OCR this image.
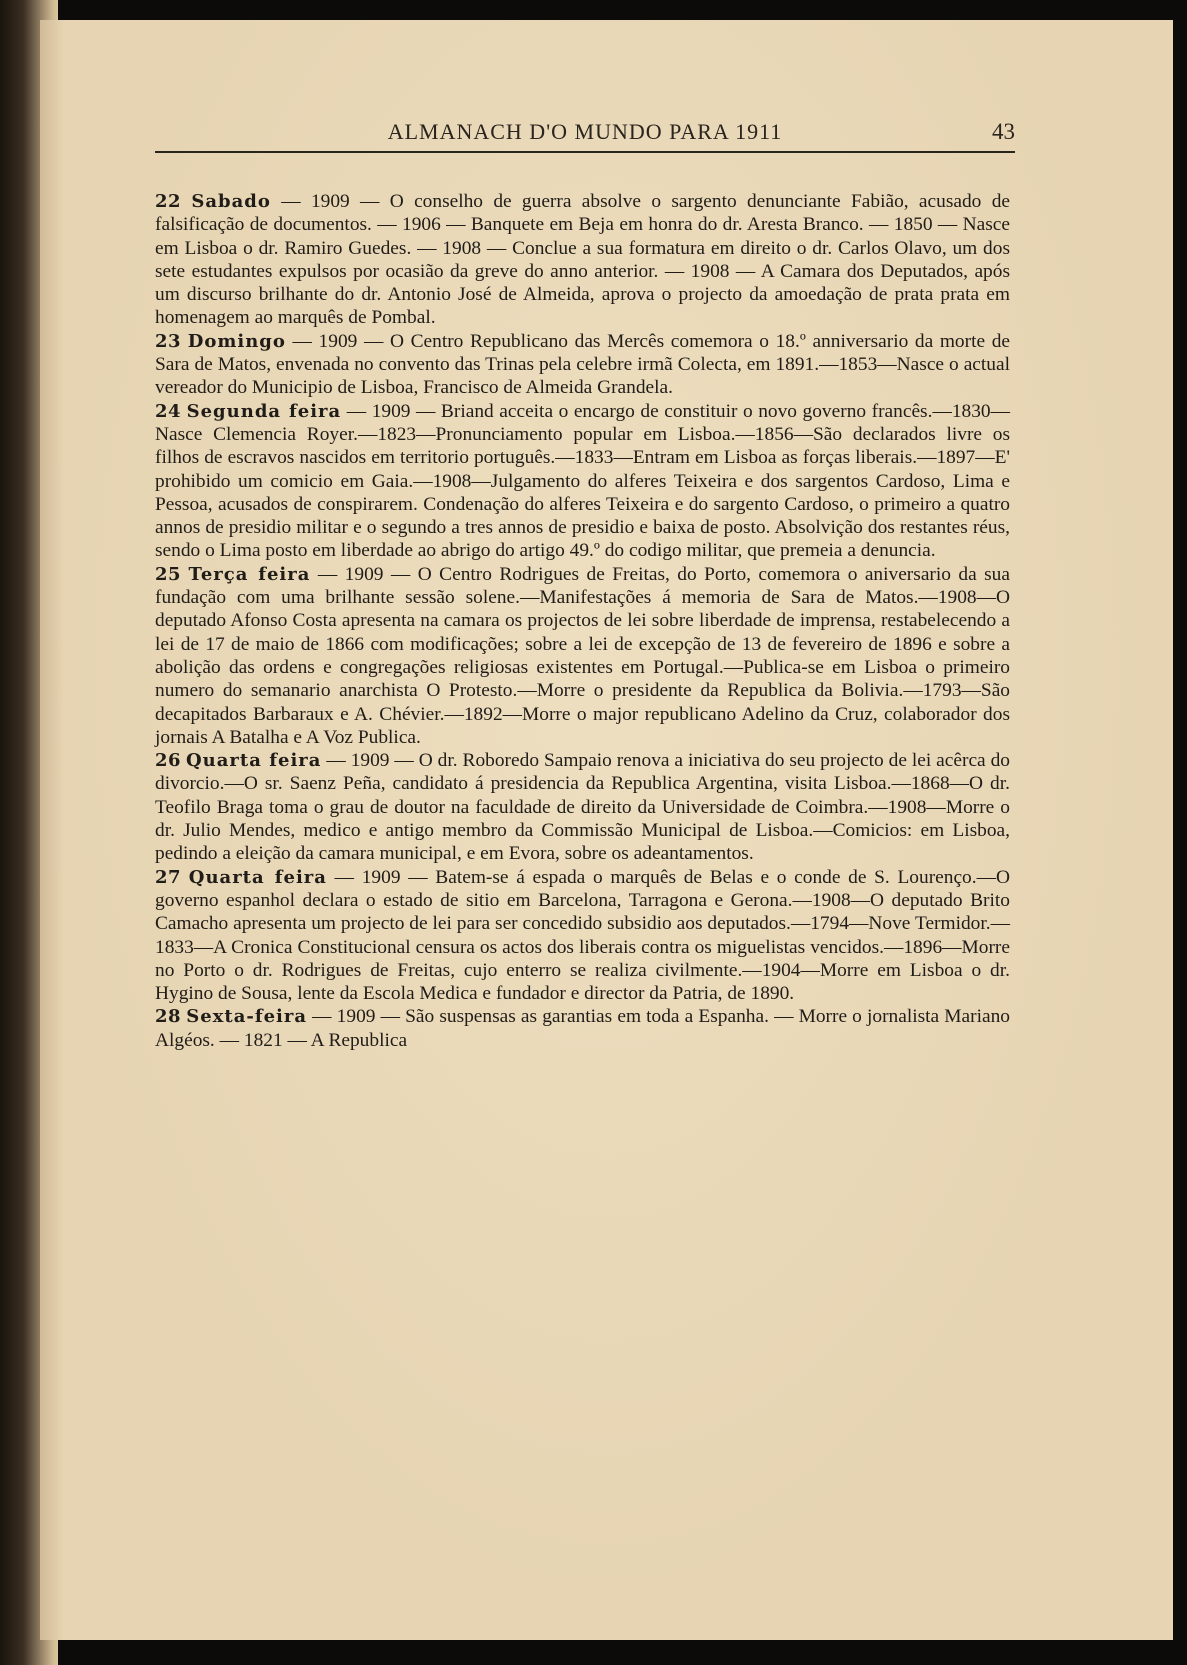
ALMANACH D'O MUNDO PARA 1911	43

22 Sabado — 1909 — O conselho de guerra absolve o sargento denunciante Fabião, acusado de falsificação de documentos. — 1906 — Banquete em Beja em honra do dr. Aresta Branco. — 1850 — Nasce em Lisboa o dr. Ramiro Guedes. — 1908 — Conclue a sua formatura em direito o dr. Carlos Olavo, um dos sete estudantes expulsos por ocasião da greve do anno anterior. — 1908 — A Camara dos Deputados, após um discurso brilhante do dr. Antonio José de Almeida, aprova o projecto da amoedação de prata prata em homenagem ao marquês de Pombal.

23 Domingo — 1909 — O Centro Republicano das Mercês comemora o 18.º anniversario da morte de Sara de Matos, envenada no convento das Trinas pela celebre irmã Colecta, em 1891.—1853—Nasce o actual vereador do Municipio de Lisboa, Francisco de Almeida Grandela.

24 Segunda feira — 1909 — Briand acceita o encargo de constituir o novo governo francês.—1830—Nasce Clemencia Royer.—1823—Pronunciamento popular em Lisboa.—1856—São declarados livre os filhos de escravos nascidos em territorio português.—1833—Entram em Lisboa as forças liberais.—1897—E' prohibido um comicio em Gaia.—1908—Julgamento do alferes Teixeira e dos sargentos Cardoso, Lima e Pessoa, acusados de conspirarem. Condenação do alferes Teixeira e do sargento Cardoso, o primeiro a quatro annos de presidio militar e o segundo a tres annos de presidio e baixa de posto. Absolvição dos restantes réus, sendo o Lima posto em liberdade ao abrigo do artigo 49.º do codigo militar, que premeia a denuncia.

25 Terça feira — 1909 — O Centro Rodrigues de Freitas, do Porto, comemora o aniversario da sua fundação com uma brilhante sessão solene.—Manifestações á memoria de Sara de Matos.—1908—O deputado Afonso Costa apresenta na camara os projectos de lei sobre liberdade de imprensa, restabelecendo a lei de 17 de maio de 1866 com modificações; sobre a lei de excepção de 13 de fevereiro de 1896 e sobre a abolição das ordens e congregações religiosas existentes em Portugal.—Publica-se em Lisboa o primeiro numero do semanario anarchista O Protesto.—Morre o presidente da Republica da Bolivia.—1793—São decapitados Barbaraux e A. Chévier.—1892—Morre o major republicano Adelino da Cruz, colaborador dos jornais A Batalha e A Voz Publica.

26 Quarta feira — 1909 — O dr. Roboredo Sampaio renova a iniciativa do seu projecto de lei acêrca do divorcio.—O sr. Saenz Peña, candidato á presidencia da Republica Argentina, visita Lisboa.—1868—O dr. Teofilo Braga toma o grau de doutor na faculdade de direito da Universidade de Coimbra.—1908—Morre o dr. Julio Mendes, medico e antigo membro da Commissão Municipal de Lisboa.—Comicios: em Lisboa, pedindo a eleição da camara municipal, e em Evora, sobre os adeantamentos.

27 Quarta feira — 1909 — Batem-se á espada o marquês de Belas e o conde de S. Lourenço.—O governo espanhol declara o estado de sitio em Barcelona, Tarragona e Gerona.—1908—O deputado Brito Camacho apresenta um projecto de lei para ser concedido subsidio aos deputados.—1794—Nove Termidor.—1833—A Cronica Constitucional censura os actos dos liberais contra os miguelistas vencidos.—1896—Morre no Porto o dr. Rodrigues de Freitas, cujo enterro se realiza civilmente.—1904—Morre em Lisboa o dr. Hygino de Sousa, lente da Escola Medica e fundador e director da Patria, de 1890.

28 Sexta-feira — 1909 — São suspensas as garantias em toda a Espanha. — Morre o jornalista Mariano Algéos. — 1821 — A Republica
